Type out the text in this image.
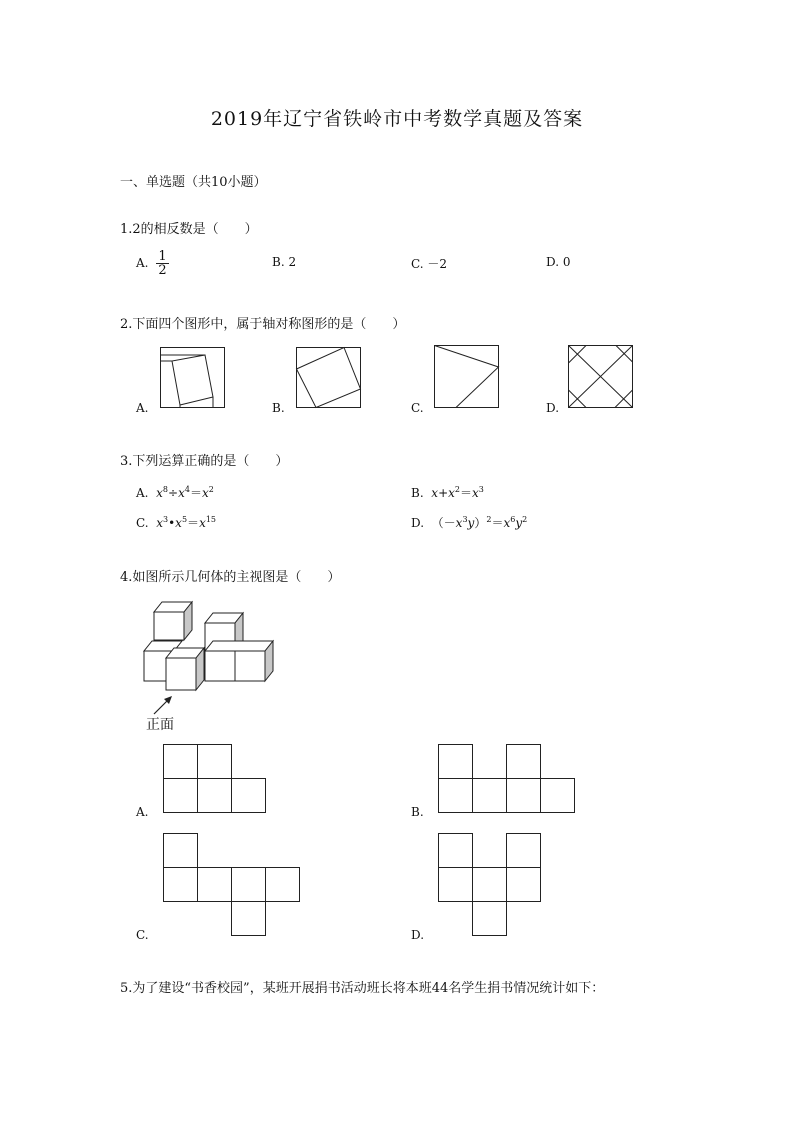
2019年辽宁省铁岭市中考数学真题及答案
一、单选题（共10小题）
1.2的相反数是（　　）
A. $\frac{1}{2}$	B. 2	C. －2	D. 0
2.下面四个图形中，属于轴对称图形的是（　　）
A.	B.	C.	D.
3.下列运算正确的是（　　）
A. $x^8\div x^4=x^2$	B. $x+x^2=x^3$
C. $x^3•x^5=x^{15}$	D. $(-x^3y)^2=x^6y^2$
4.如图所示几何体的主视图是（　　）
正面
A.	B.
C.	D.
5.为了建设“书香校园”，某班开展捐书活动班长将本班44名学生捐书情况统计如下：
